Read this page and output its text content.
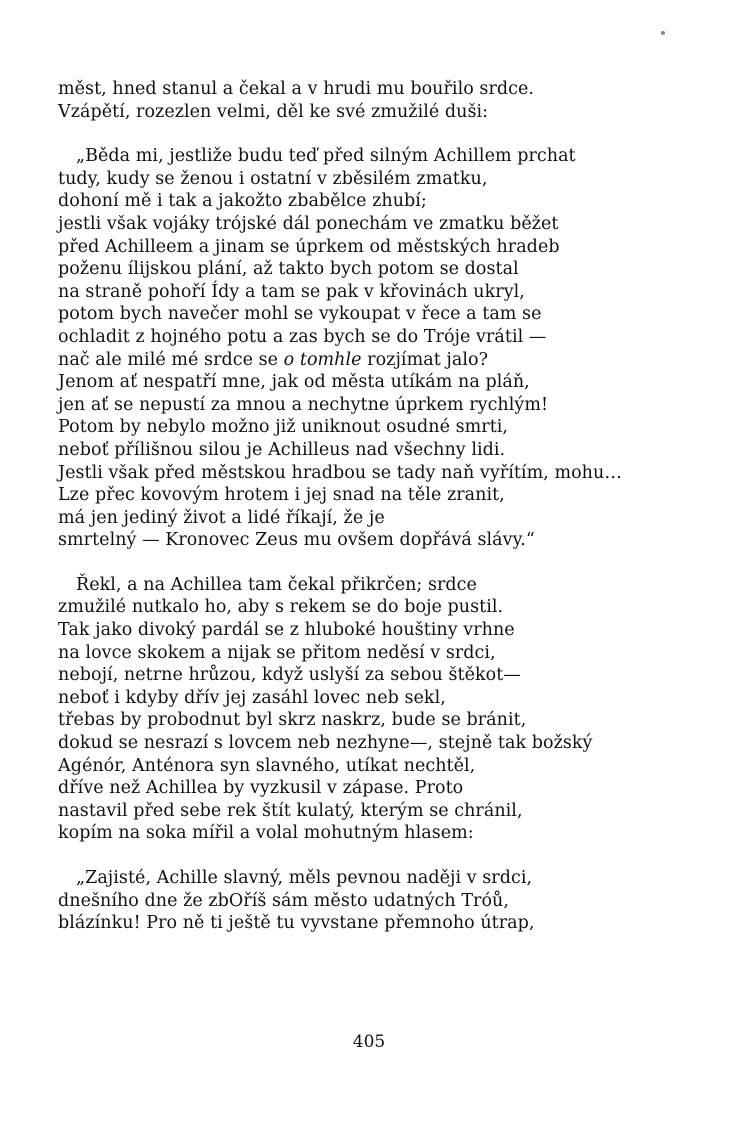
měst, hned stanul a čekal a v hrudi mu bouřilo srdce.
Vzápětí, rozezlen velmi, děl ke své zmužilé duši:
„Běda mi, jestliže budu teď před silným Achillem prchat
tudy, kudy se ženou i ostatní v zběsilém zmatku,
dohoní mě i tak a jakožto zbabělce zhubí;
jestli však vojáky trójské dál ponechám ve zmatku běžet
před Achilleem a jinam se úprkem od městských hradeb
poženu ílijskou plání, až takto bych potom se dostal
na straně pohoří Ídy a tam se pak v křovinách ukryl,
potom bych navečer mohl se vykoupat v řece a tam se
ochladit z hojného potu a zas bych se do Tróje vrátil —
nač ale milé mé srdce se o tomhle rozjímat jalo?
Jenom ať nespatří mne, jak od města utíkám na pláň,
jen ať se nepustí za mnou a nechytne úprkem rychlým!
Potom by nebylo možno již uniknout osudné smrti,
neboť přílišnou silou je Achilleus nad všechny lidi.
Jestli však před městskou hradbou se tady naň vyřítím, mohu…
Lze přec kovovým hrotem i jej snad na těle zranit,
má jen jediný život a lidé říkají, že je
smrtelný — Kronovec Zeus mu ovšem dopřává slávy.“
Řekl, a na Achillea tam čekal přikrčen; srdce
zmužilé nutkalo ho, aby s rekem se do boje pustil.
Tak jako divoký pardál se z hluboké houštiny vrhne
na lovce skokem a nijak se přitom neděsí v srdci,
nebojí, netrne hrůzou, když uslyší za sebou štěkot—
neboť i kdyby dřív jej zasáhl lovec neb sekl,
třebas by probodnut byl skrz naskrz, bude se bránit,
dokud se nesrazí s lovcem neb nezhyne—, stejně tak božský
Agénór, Anténora syn slavného, utíkat nechtěl,
dříve než Achillea by vyzkusil v zápase. Proto
nastavil před sebe rek štít kulatý, kterým se chránil,
kopím na soka mířil a volal mohutným hlasem:
„Zajisté, Achille slavný, měls pevnou naději v srdci,
dnešního dne že zbOříš sám město udatných Tróů,
blázínku! Pro ně ti ještě tu vyvstane přemnoho útrap,
405
